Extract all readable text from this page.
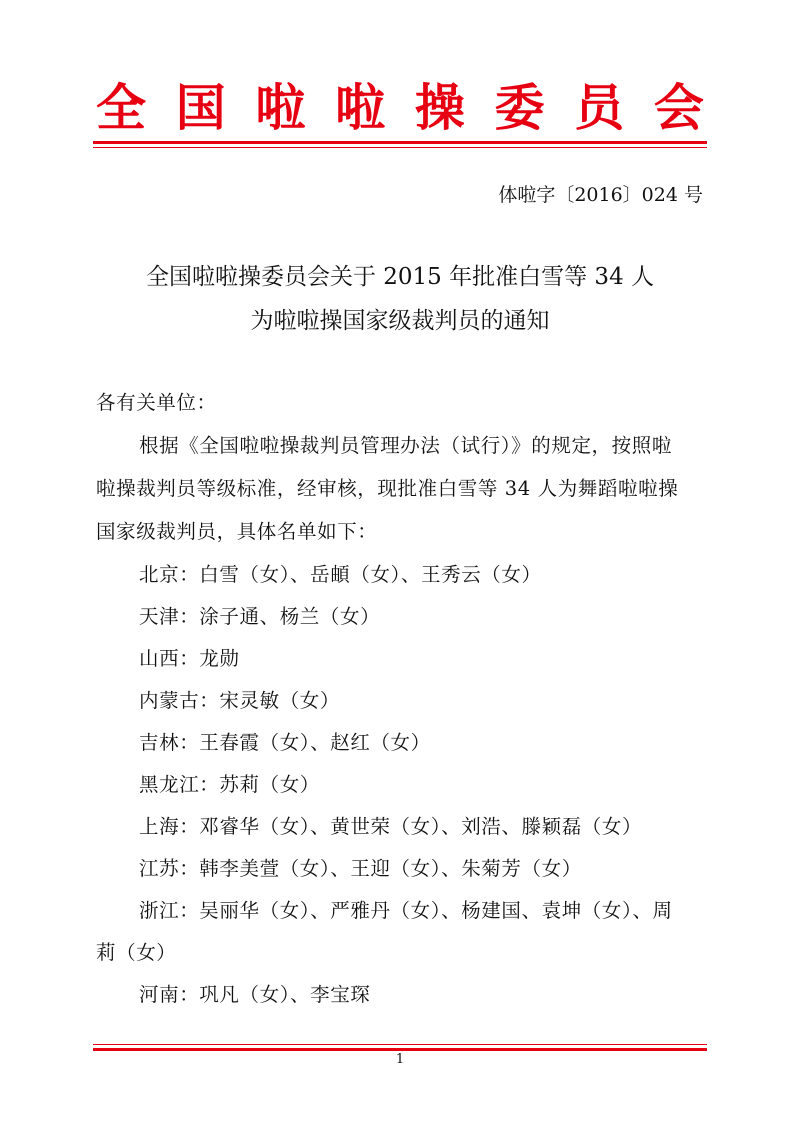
全 国 啦 啦 操 委 员 会
体啦字〔2016〕024 号
全国啦啦操委员会关于 2015 年批准白雪等 34 人
为啦啦操国家级裁判员的通知
各有关单位：
根据《全国啦啦操裁判员管理办法（试行）》的规定，按照啦
啦操裁判员等级标准，经审核，现批准白雪等 34 人为舞蹈啦啦操
国家级裁判员，具体名单如下：
北京：白雪（女）、岳頔（女）、王秀云（女）
天津：涂子通、杨兰（女）
山西：龙勋
内蒙古：宋灵敏（女）
吉林：王春霞（女）、赵红（女）
黑龙江：苏莉（女）
上海：邓睿华（女）、黄世荣（女）、刘浩、滕颖磊（女）
江苏：韩李美萱（女）、王迎（女）、朱菊芳（女）
浙江：吴丽华（女）、严雅丹（女）、杨建国、袁坤（女）、周
莉（女）
河南：巩凡（女）、李宝琛
1
